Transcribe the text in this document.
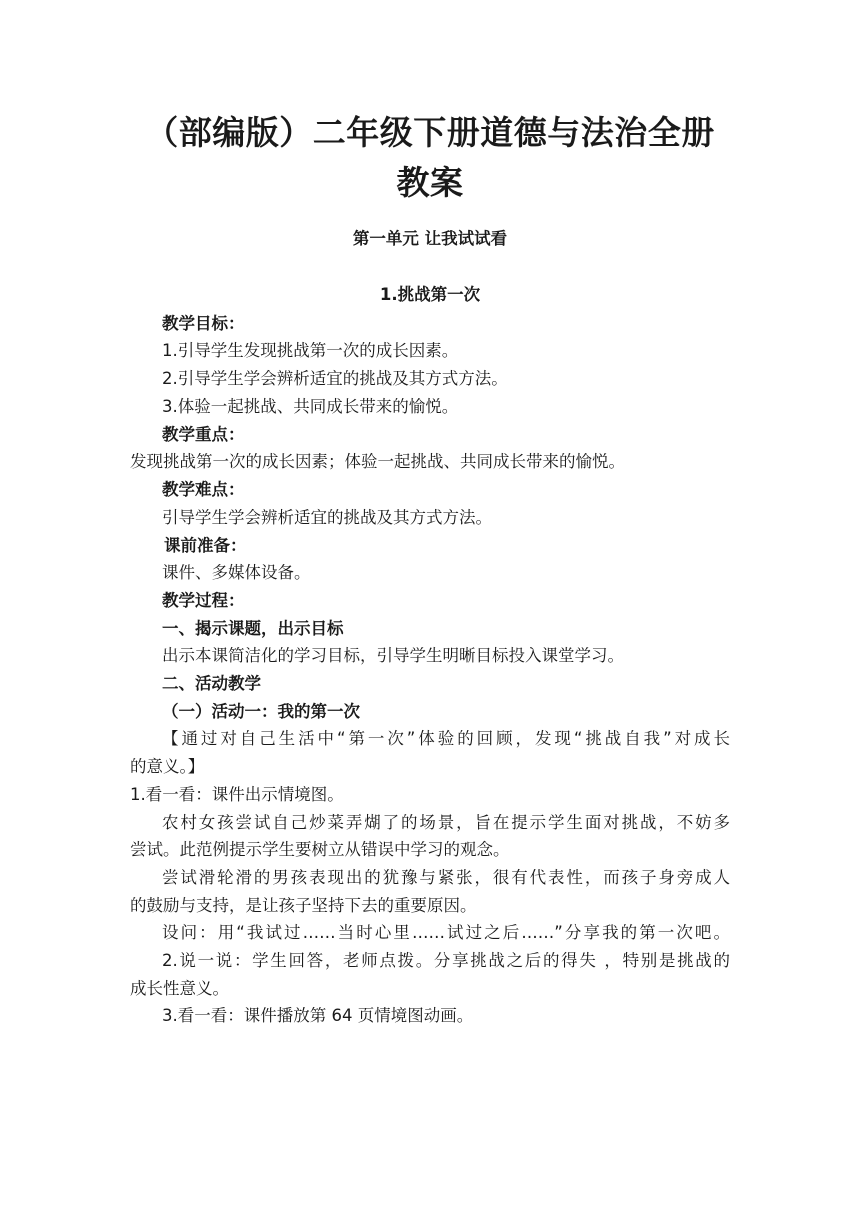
（部编版）二年级下册道德与法治全册
教案
第一单元 让我试试看
1.挑战第一次
教学目标：
1.引导学生发现挑战第一次的成长因素。
2.引导学生学会辨析适宜的挑战及其方式方法。
3.体验一起挑战、共同成长带来的愉悦。
教学重点：
发现挑战第一次的成长因素；体验一起挑战、共同成长带来的愉悦。
教学难点：
引导学生学会辨析适宜的挑战及其方式方法。
课前准备：
课件、多媒体设备。
教学过程：
一、揭示课题，出示目标
出示本课简洁化的学习目标，引导学生明晰目标投入课堂学习。
二、活动教学
（一）活动一：我的第一次
【通过对自己生活中“第一次”体验的回顾，发现“挑战自我”对成长
的意义。】
1.看一看：课件出示情境图。
农村女孩尝试自己炒菜弄煳了的场景，旨在提示学生面对挑战，不妨多
尝试。此范例提示学生要树立从错误中学习的观念。
尝试滑轮滑的男孩表现出的犹豫与紧张，很有代表性，而孩子身旁成人
的鼓励与支持，是让孩子坚持下去的重要原因。
设问：用“我试过……当时心里……试过之后……”分享我的第一次吧。
2.说一说：学生回答，老师点拨。分享挑战之后的得失 ，特别是挑战的
成长性意义。
3.看一看：课件播放第 64 页情境图动画。
